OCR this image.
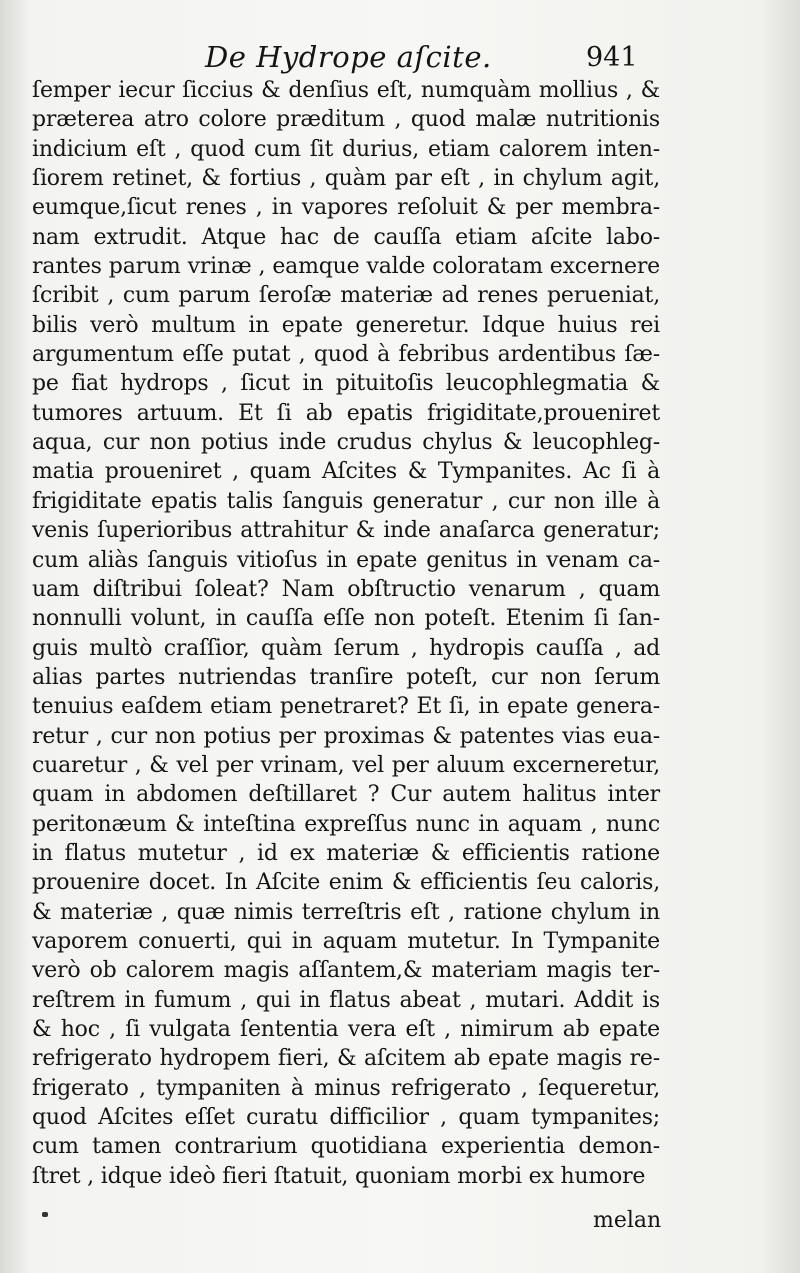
De Hydrope aſcite.	941
ſemper iecur ſiccius & denſius eſt, numquàm mollius , &
præterea atro colore præditum , quod malæ nutritionis
indicium eſt , quod cum ſit durius, etiam calorem inten-
ſiorem retinet, & fortius , quàm par eſt , in chylum agit,
eumque,ſicut renes , in vapores reſoluit & per membra-
nam extrudit. Atque hac de cauſſa etiam aſcite labo-
rantes parum vrinæ , eamque valde coloratam excernere
ſcribit , cum parum ſeroſæ materiæ ad renes perueniat,
bilis verò multum in epate generetur. Idque huius rei
argumentum eſſe putat , quod à febribus ardentibus ſæ-
pe fiat hydrops , ſicut in pituitoſis leucophlegmatia &
tumores artuum. Et ſi ab epatis frigiditate,proueniret
aqua, cur non potius inde crudus chylus & leucophleg-
matia proueniret , quam Aſcites & Tympanites. Ac ſi à
frigiditate epatis talis ſanguis generatur , cur non ille à
venis ſuperioribus attrahitur & inde anaſarca generatur;
cum aliàs ſanguis vitioſus in epate genitus in venam ca-
uam diſtribui ſoleat? Nam obſtructio venarum , quam
nonnulli volunt, in cauſſa eſſe non poteſt. Etenim ſi ſan-
guis multò craſſior, quàm ſerum , hydropis cauſſa , ad
alias partes nutriendas tranſire poteſt, cur non ſerum
tenuius eaſdem etiam penetraret? Et ſi, in epate genera-
retur , cur non potius per proximas & patentes vias eua-
cuaretur , & vel per vrinam, vel per aluum excerneretur,
quam in abdomen deſtillaret ? Cur autem halitus inter
peritonæum & inteſtina expreſſus nunc in aquam , nunc
in flatus mutetur , id ex materiæ & efficientis ratione
prouenire docet. In Aſcite enim & efficientis ſeu caloris,
& materiæ , quæ nimis terreſtris eſt , ratione chylum in
vaporem conuerti, qui in aquam mutetur. In Tympanite
verò ob calorem magis aſſantem,& materiam magis ter-
reſtrem in fumum , qui in flatus abeat , mutari. Addit is
& hoc , ſi vulgata ſententia vera eſt , nimirum ab epate
refrigerato hydropem fieri, & aſcitem ab epate magis re-
frigerato , tympaniten à minus refrigerato , ſequeretur,
quod Aſcites eſſet curatu difficilior , quam tympanites;
cum tamen contrarium quotidiana experientia demon-
ſtret , idque ideò fieri ſtatuit, quoniam morbi ex humore
melan
